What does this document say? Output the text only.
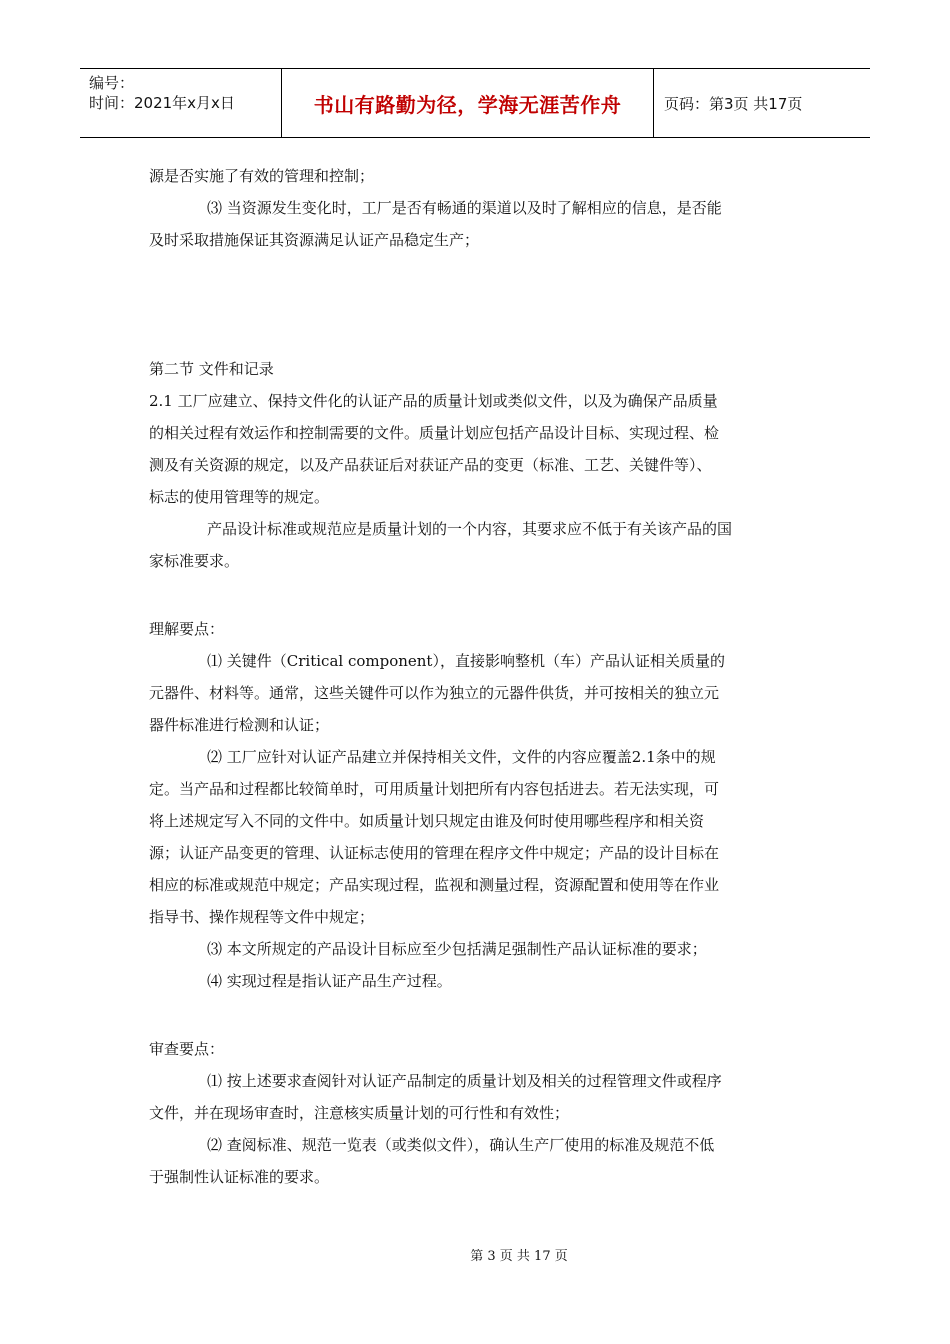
编号：
时间：2021年x月x日	书山有路勤为径，学海无涯苦作舟	页码：第3页 共17页
源是否实施了有效的管理和控制；
⑶ 当资源发生变化时，工厂是否有畅通的渠道以及时了解相应的信息，是否能
及时采取措施保证其资源满足认证产品稳定生产；
第二节 文件和记录
2.1 工厂应建立、保持文件化的认证产品的质量计划或类似文件，以及为确保产品质量
的相关过程有效运作和控制需要的文件。质量计划应包括产品设计目标、实现过程、检
测及有关资源的规定，以及产品获证后对获证产品的变更（标准、工艺、关键件等）、
标志的使用管理等的规定。
产品设计标准或规范应是质量计划的一个内容，其要求应不低于有关该产品的国
家标准要求。
理解要点：
⑴ 关键件（Critical component），直接影响整机（车）产品认证相关质量的
元器件、材料等。通常，这些关键件可以作为独立的元器件供货，并可按相关的独立元
器件标准进行检测和认证；
⑵ 工厂应针对认证产品建立并保持相关文件，文件的内容应覆盖2.1条中的规
定。当产品和过程都比较简单时，可用质量计划把所有内容包括进去。若无法实现，可
将上述规定写入不同的文件中。如质量计划只规定由谁及何时使用哪些程序和相关资
源；认证产品变更的管理、认证标志使用的管理在程序文件中规定；产品的设计目标在
相应的标准或规范中规定；产品实现过程，监视和测量过程，资源配置和使用等在作业
指导书、操作规程等文件中规定；
⑶ 本文所规定的产品设计目标应至少包括满足强制性产品认证标准的要求；
⑷ 实现过程是指认证产品生产过程。
审查要点：
⑴ 按上述要求查阅针对认证产品制定的质量计划及相关的过程管理文件或程序
文件，并在现场审查时，注意核实质量计划的可行性和有效性；
⑵ 查阅标准、规范一览表（或类似文件），确认生产厂使用的标准及规范不低
于强制性认证标准的要求。
第 3 页 共 17 页
